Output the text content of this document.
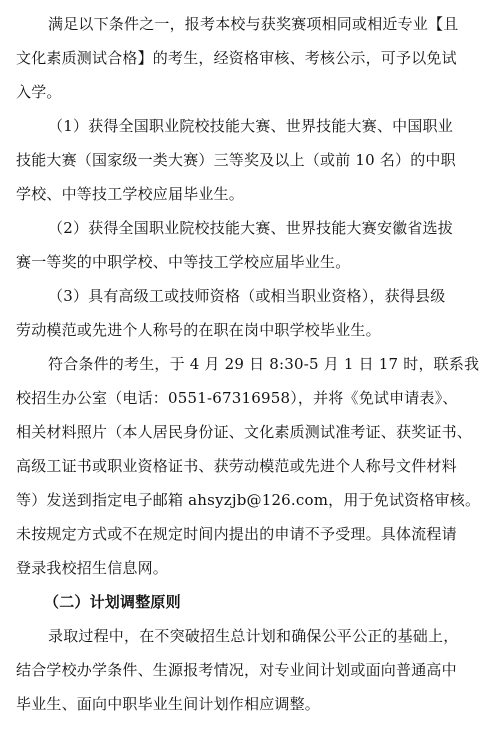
满足以下条件之一，报考本校与获奖赛项相同或相近专业【且
文化素质测试合格】的考生，经资格审核、考核公示，可予以免试
入学。
（1）获得全国职业院校技能大赛、世界技能大赛、中国职业
技能大赛（国家级一类大赛）三等奖及以上（或前 10 名）的中职
学校、中等技工学校应届毕业生。
（2）获得全国职业院校技能大赛、世界技能大赛安徽省选拔
赛一等奖的中职学校、中等技工学校应届毕业生。
（3）具有高级工或技师资格（或相当职业资格），获得县级
劳动模范或先进个人称号的在职在岗中职学校毕业生。
符合条件的考生，于 4 月 29 日 8:30-5 月 1 日 17 时，联系我
校招生办公室（电话：0551-67316958），并将《免试申请表》、
相关材料照片（本人居民身份证、文化素质测试准考证、获奖证书、
高级工证书或职业资格证书、获劳动模范或先进个人称号文件材料
等）发送到指定电子邮箱 ahsyzjb@126.com，用于免试资格审核。
未按规定方式或不在规定时间内提出的申请不予受理。具体流程请
登录我校招生信息网。
（二）计划调整原则
录取过程中，在不突破招生总计划和确保公平公正的基础上，
结合学校办学条件、生源报考情况，对专业间计划或面向普通高中
毕业生、面向中职毕业生间计划作相应调整。
